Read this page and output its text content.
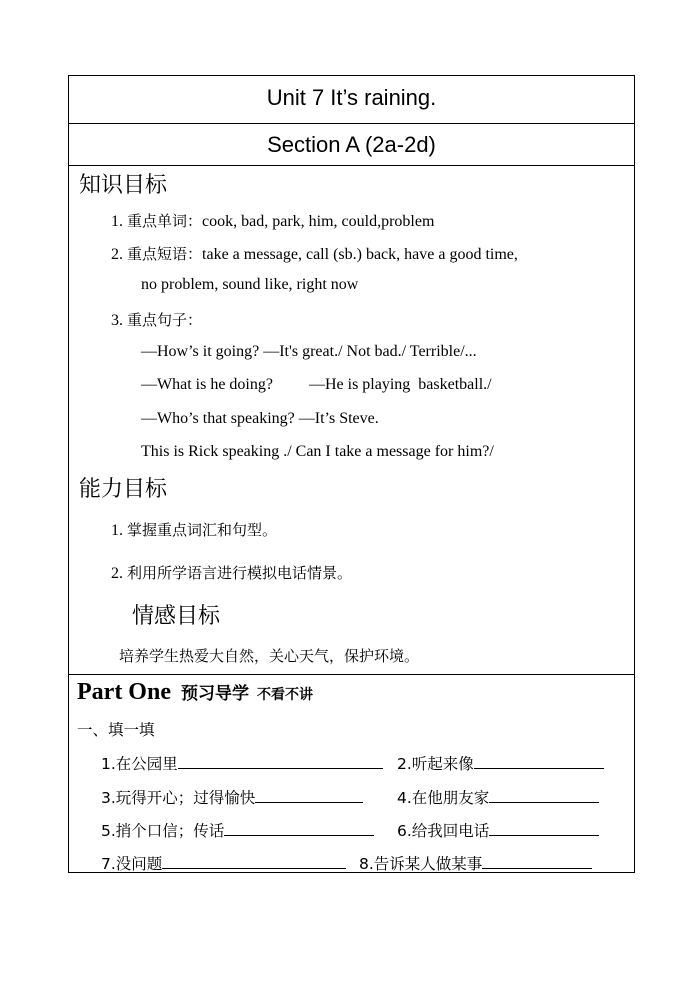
Unit 7 It’s raining.
Section A (2a-2d)
知识目标
1. 重点单词：cook, bad, park, him, could,problem
2. 重点短语：take a message, call (sb.) back, have a good time,
no problem, sound like, right now
3. 重点句子：
—How’s it going? —It's great./ Not bad./ Terrible/...
—What is he doing?         —He is playing  basketball./
—Who’s that speaking? —It’s Steve.
This is Rick speaking ./ Can I take a message for him?/
能力目标
1. 掌握重点词汇和句型。
2. 利用所学语言进行模拟电话情景。
情感目标
培养学生热爱大自然，关心天气，保护环境。
Part One 预习导学 不看不讲
一、填一填
1.在公园里	2.听起来像
3.玩得开心；过得愉快	4.在他朋友家
5.捎个口信；传话	6.给我回电话
7.没问题	8.告诉某人做某事
